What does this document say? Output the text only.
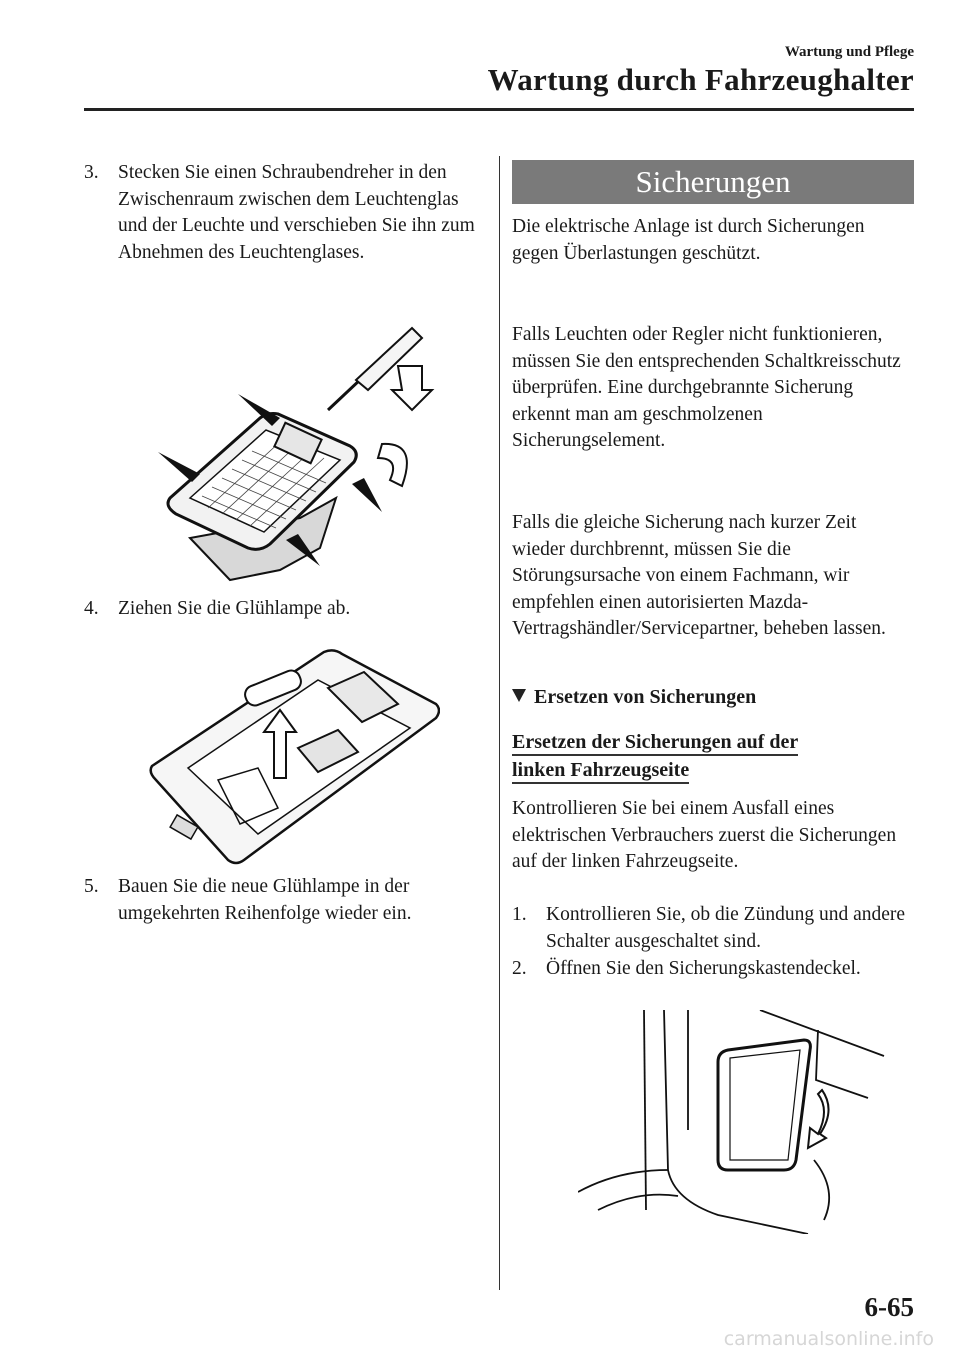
Wartung und Pflege
Wartung durch Fahrzeughalter
3. Stecken Sie einen Schraubendreher in den Zwischenraum zwischen dem Leuchtenglas und der Leuchte und verschieben Sie ihn zum Abnehmen des Leuchtenglases.
4. Ziehen Sie die Glühlampe ab.
5. Bauen Sie die neue Glühlampe in der umgekehrten Reihenfolge wieder ein.
Sicherungen
Die elektrische Anlage ist durch Sicherungen gegen Überlastungen geschützt.
Falls Leuchten oder Regler nicht funktionieren, müssen Sie den entsprechenden Schaltkreisschutz überprüfen. Eine durchgebrannte Sicherung erkennt man am geschmolzenen Sicherungselement.
Falls die gleiche Sicherung nach kurzer Zeit wieder durchbrennt, müssen Sie die Störungsursache von einem Fachmann, wir empfehlen einen autorisierten Mazda-Vertragshändler/Servicepartner, beheben lassen.
Ersetzen von Sicherungen
Ersetzen der Sicherungen auf der
linken Fahrzeugseite
Kontrollieren Sie bei einem Ausfall eines elektrischen Verbrauchers zuerst die Sicherungen auf der linken Fahrzeugseite.
1. Kontrollieren Sie, ob die Zündung und andere Schalter ausgeschaltet sind.
2. Öffnen Sie den Sicherungskastendeckel.
6-65
carmanualsonline.info
